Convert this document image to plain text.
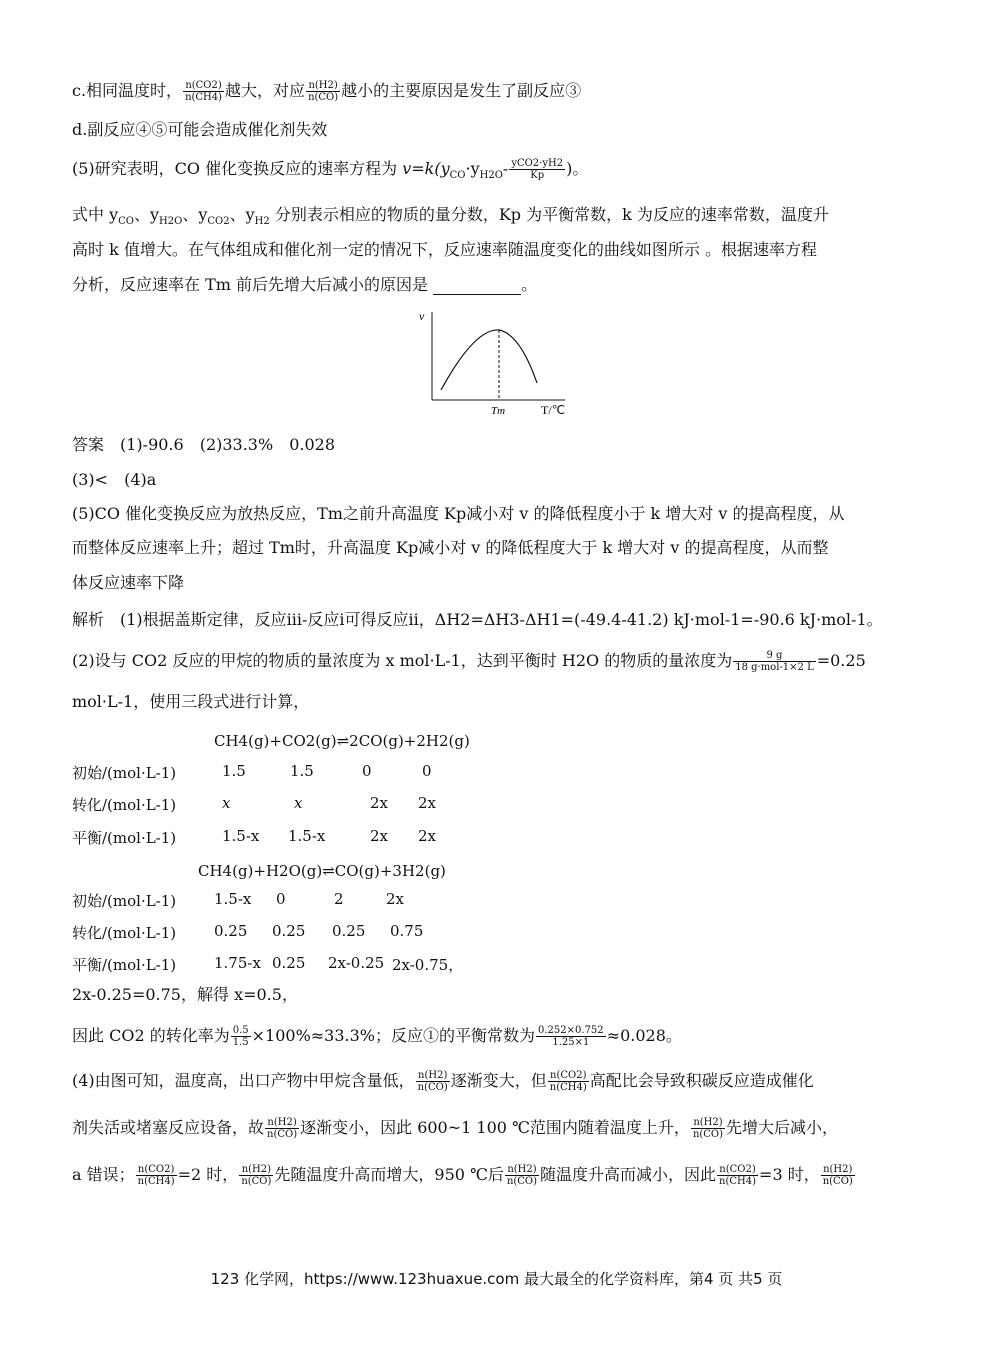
c.相同温度时， $\frac{n(CO2)}{n(CH4)}$ 越大，对应 $\frac{n(H2)}{n(CO)}$ 越小的主要原因是发生了副反应③
d.副反应④⑤可能会造成催化剂失效
(5)研究表明，CO 催化变换反应的速率方程为 $v=k(y_{CO}\cdot y_{H2O}-$ yCO2·yH2
Kp	)。
式中 $y_{CO}$、$y_{H2O}$、$y_{CO2}$、$y_{H2}$ 分别表示相应的物质的量分数，Kp 为平衡常数，k 为反应的速率常数，温度升
高时 k 值增大。在气体组成和催化剂一定的情况下，反应速率随温度变化的曲线如图所示 。根据速率方程
分析，反应速率在 Tm 前后先增大后减小的原因是	。
v
Tm	T/℃
答案　(1)-90.6　(2)33.3%　0.028
(3)<　(4)a
(5)CO 催化变换反应为放热反应，Tm之前升高温度 Kp减小对 v 的降低程度小于 k 增大对 v 的提高程度，从
而整体反应速率上升；超过 Tm时，升高温度 Kp减小对 v 的降低程度大于 k 增大对 v 的提高程度，从而整
体反应速率下降
解析　(1)根据盖斯定律，反应ⅲ-反应ⅰ可得反应ⅱ，ΔH2=ΔH3-ΔH1=(-49.4-41.2) kJ·mol-1=-90.6 kJ·mol-1。
(2)设与 CO2 反应的甲烷的物质的量浓度为 x mol·L-1，达到平衡时 H2O 的物质的量浓度为	9 g
18 g·mol-1×2 L =0.25
mol·L-1，使用三段式进行计算，
CH4(g)+CO2(g)⇌2CO(g)+2H2(g)
初始/(mol·L-1)	1.5	1.5	0	0
转化/(mol·L-1)	x	x	2x 2x
平衡/(mol·L-1)	1.5-x 1.5-x	2x 2x
CH4(g)+H2O(g)⇌CO(g)+3H2(g)
初始/(mol·L-1)	1.5-x 0	2	2x
转化/(mol·L-1)	0.25 0.25 0.25 0.75
平衡/(mol·L-1)	1.75-x 0.25 2x-0.25 2x-0.75，
2x-0.25=0.75，解得 x=0.5，
因此 CO2 的转化率为 $\frac{0.5}{1.5} \times 100\%\approx 33.3\%$；反应①的平衡常数为 $\frac{0.252\times 0.752}{1.25\times 1} \approx 0.028$。
(4)由图可知，温度高，出口产物中甲烷含量低， $\frac{n(H2)}{n(CO)}$ 逐渐变大，但 $\frac{n(CO2)}{n(CH4)}$ 高配比会导致积碳反应造成催化
剂失活或堵塞反应设备，故 $\frac{n(H2)}{n(CO)}$ 逐渐变小，因此 600~1 100 ℃范围内随着温度上升， $\frac{n(H2)}{n(CO)}$ 先增大后减小，
a 错误； $\frac{n(CO2)}{n(CH4)} =2$ 时， $\frac{n(H2)}{n(CO)}$ 先随温度升高而增大，950 ℃后 $\frac{n(H2)}{n(CO)}$ 随温度升高而减小，因此 $\frac{n(CO2)}{n(CH4)} =3$ 时， $\frac{n(H2)}{n(CO)}$
123 化学网，https://www.123huaxue.com 最大最全的化学资料库，第4 页 共5 页
